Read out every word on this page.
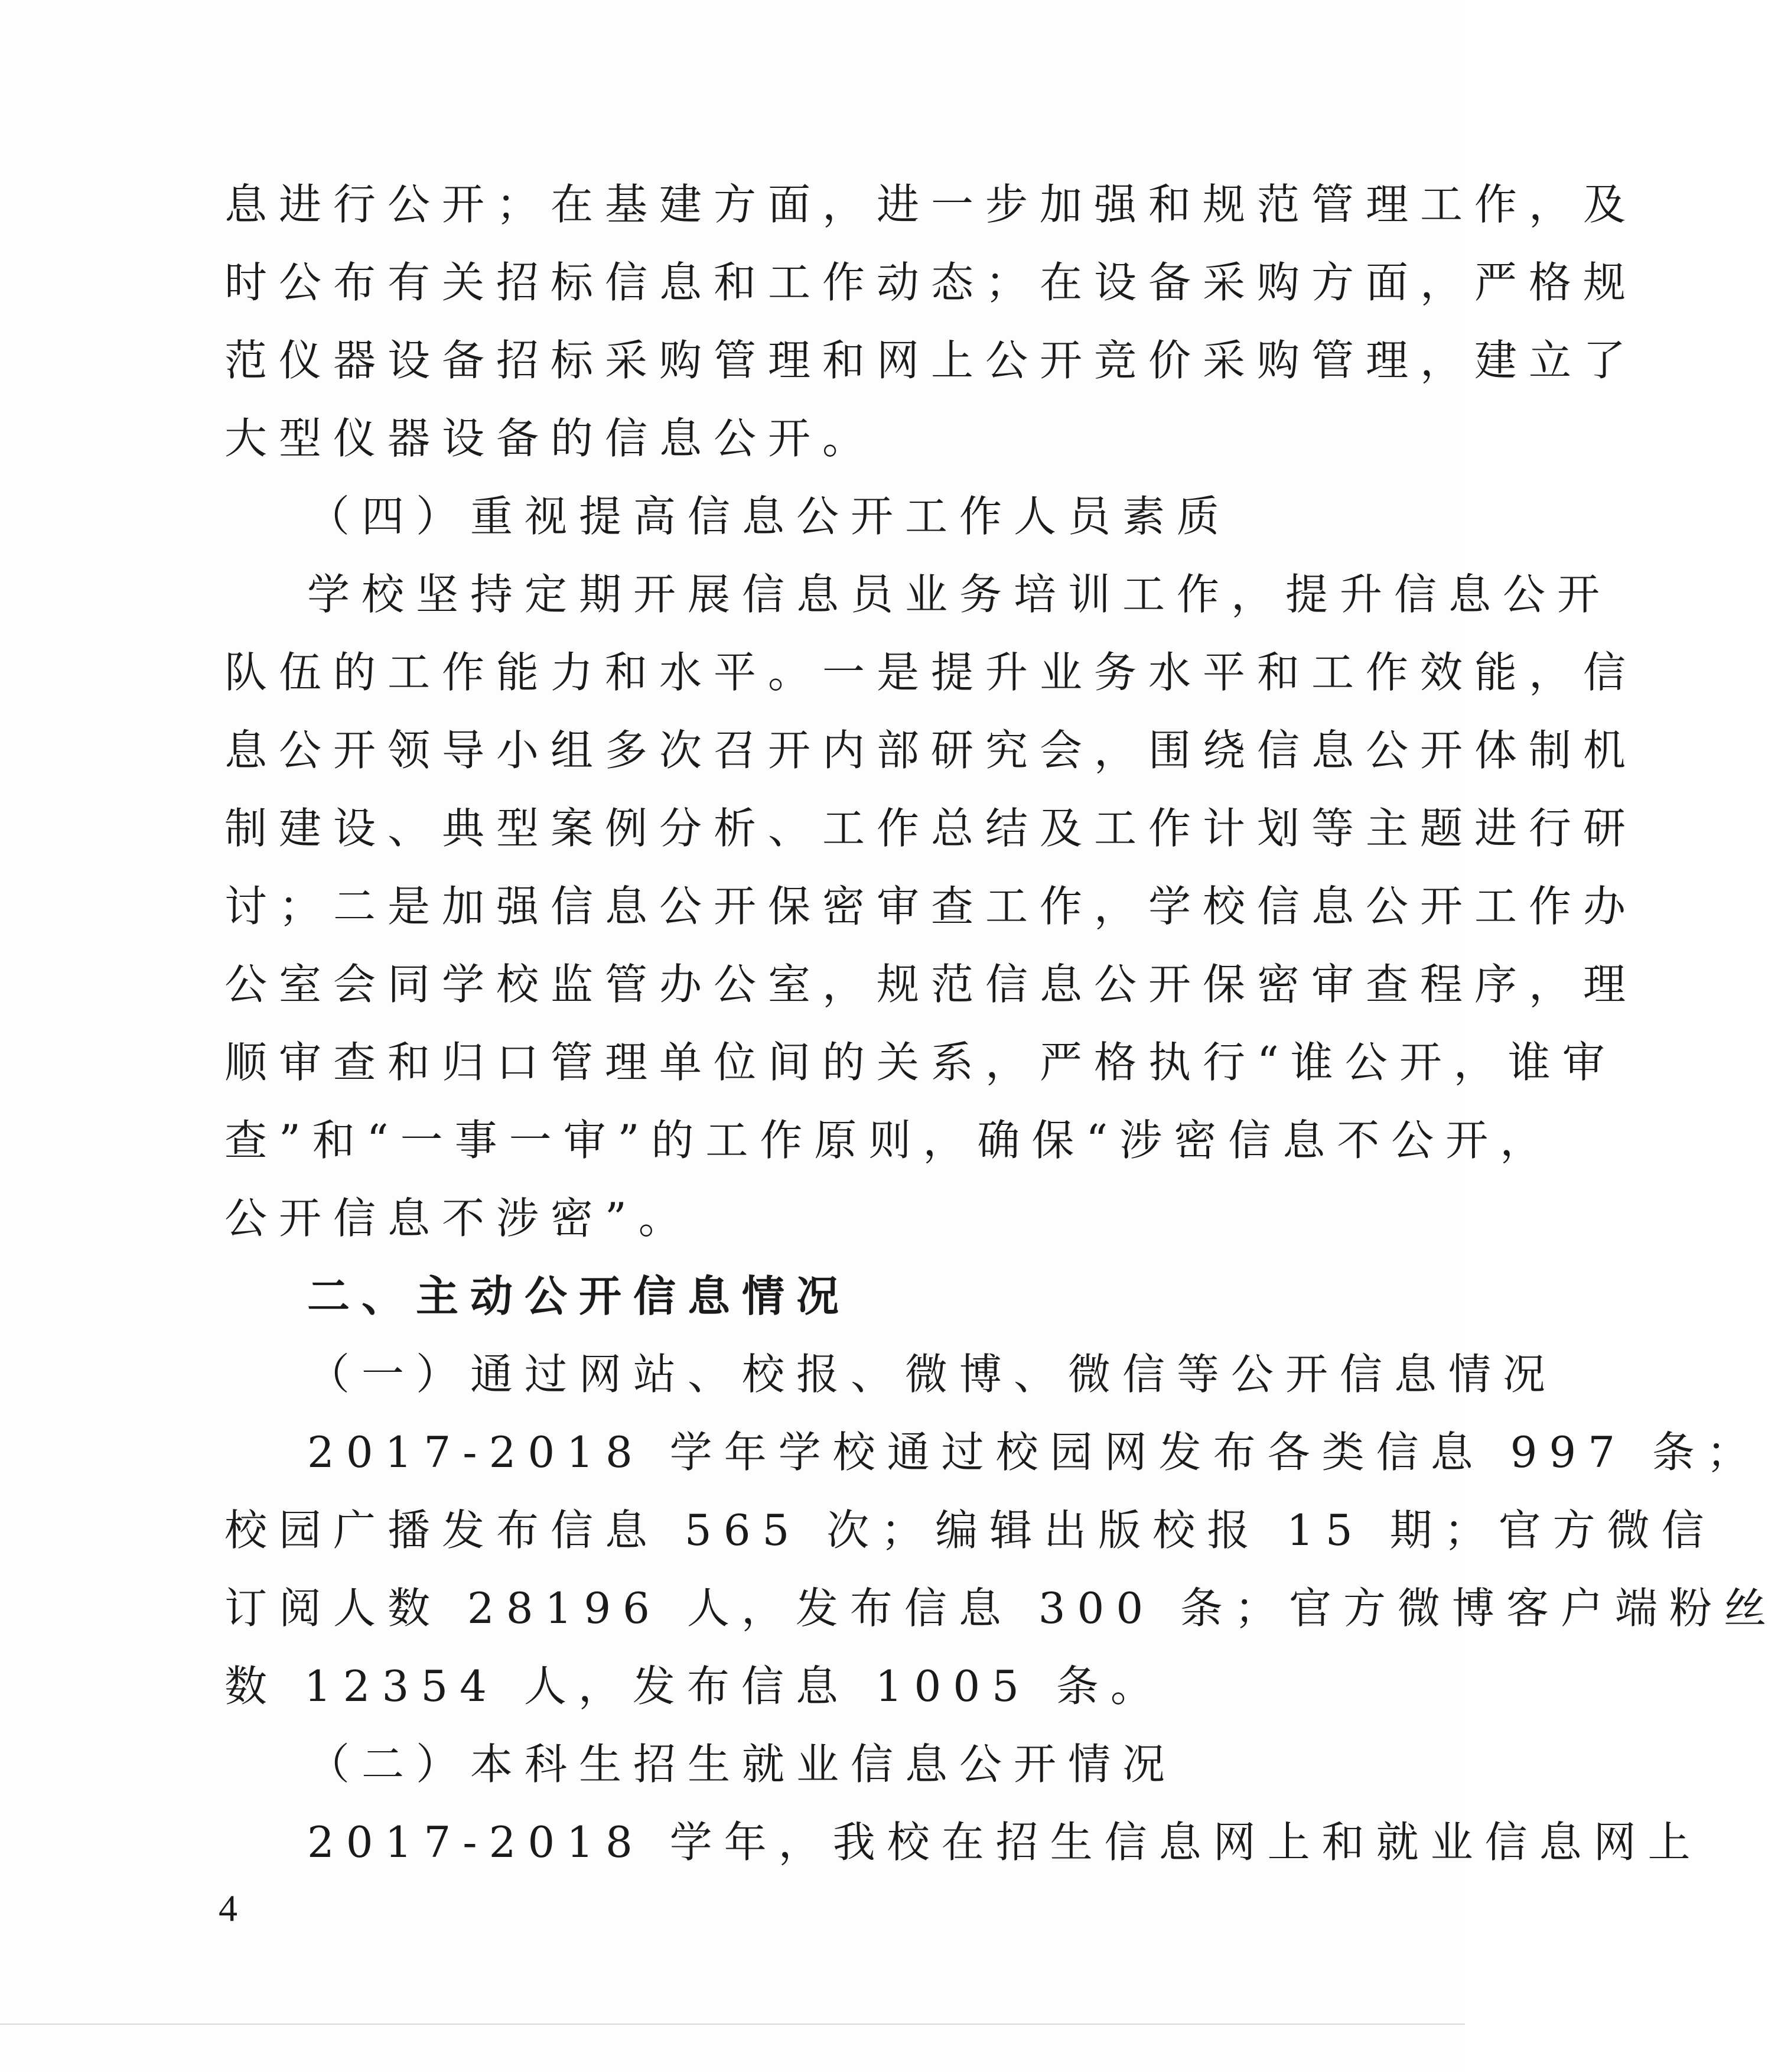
息进行公开；在基建方面，进一步加强和规范管理工作，及
时公布有关招标信息和工作动态；在设备采购方面，严格规
范仪器设备招标采购管理和网上公开竞价采购管理，建立了
大型仪器设备的信息公开。
（四）重视提高信息公开工作人员素质
学校坚持定期开展信息员业务培训工作，提升信息公开
队伍的工作能力和水平。一是提升业务水平和工作效能，信
息公开领导小组多次召开内部研究会，围绕信息公开体制机
制建设、典型案例分析、工作总结及工作计划等主题进行研
讨；二是加强信息公开保密审查工作，学校信息公开工作办
公室会同学校监管办公室，规范信息公开保密审查程序，理
顺审查和归口管理单位间的关系，严格执行“谁公开，谁审
查”和“一事一审”的工作原则，确保“涉密信息不公开，
公开信息不涉密”。
二、主动公开信息情况
（一）通过网站、校报、微博、微信等公开信息情况
2017-2018 学年学校通过校园网发布各类信息 997 条；
校园广播发布信息 565 次；编辑出版校报 15 期；官方微信
订阅人数 28196 人，发布信息 300 条；官方微博客户端粉丝
数 12354 人，发布信息 1005 条。
（二）本科生招生就业信息公开情况
2017-2018 学年，我校在招生信息网上和就业信息网上
4
